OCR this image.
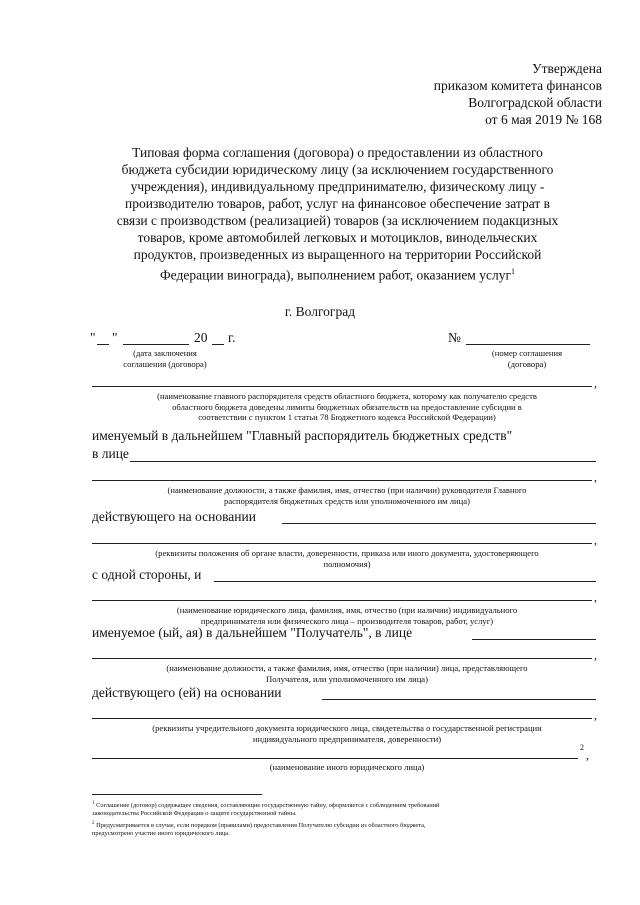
Утверждена
приказом комитета финансов
Волгоградской области
от 6 мая 2019 № 168
Типовая форма соглашения (договора) о предоставлении из областного
бюджета субсидии юридическому лицу (за исключением государственного
учреждения), индивидуальному предпринимателю, физическому лицу -
производителю товаров, работ, услуг на финансовое обеспечение затрат в
связи с производством (реализацией) товаров (за исключением подакцизных
товаров, кроме автомобилей легковых и мотоциклов, винодельческих
продуктов, произведенных из выращенного на территории Российской
Федерации винограда), выполнением работ, оказанием услуг$^1$
г. Волгоград
" "	20 г.
(дата заключения
соглашения (договора)
№
(номер соглашения
(договора)
,
(наименование главного распорядителя средств областного бюджета, которому как получателю средств
областного бюджета доведены лимиты бюджетных обязательств на предоставление субсидии в
соответствии с пунктом 1 статьи 78 Бюджетного кодекса Российской Федерации)
именуемый в дальнейшем "Главный распорядитель бюджетных средств"
в лице
,
(наименование должности, а также фамилия, имя, отчество (при наличии) руководителя Главного
распорядителя бюджетных средств или уполномоченного им лица)
действующего на основании
,
(реквизиты положения об органе власти, доверенности, приказа или иного документа, удостоверяющего
полномочия)
с одной стороны, и
,
(наименование юридического лица, фамилия, имя, отчество (при наличии) индивидуального
предпринимателя или физического лица – производителя товаров, работ, услуг)
именуемое (ый, ая) в дальнейшем "Получатель", в лице
,
(наименование должности, а также фамилия, имя, отчество (при наличии) лица, представляющего
Получателя, или уполномоченного им лица)
действующего (ей) на основании
,
(реквизиты учредительного документа юридического лица, свидетельства о государственной регистрации
индивидуального предпринимателя, доверенности)
2
,
(наименование иного юридического лица)
$^1$ Соглашение (договор) содержащее сведения, составляющие государственную тайну, оформляется с соблюдением требований
законодательства Российской Федерации о защите государственной тайны.
$^2$ Предусматривается в случае, если порядком (правилами) предоставления Получателю субсидии из областного бюджета,
предусмотрено участие иного юридического лица.
